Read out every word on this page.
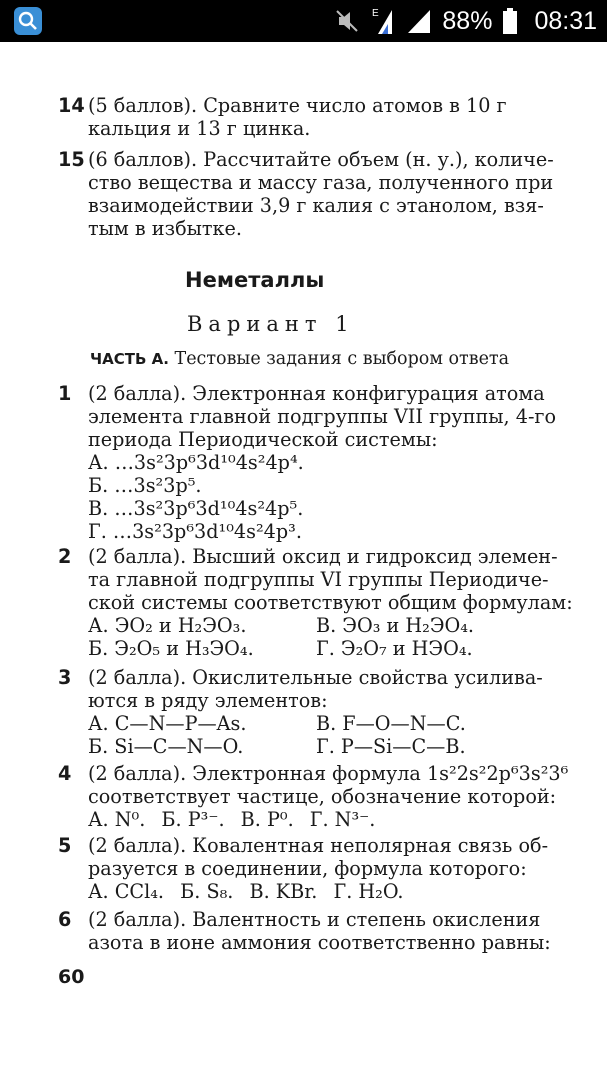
E	88% 08:31
14 (5 баллов). Сравните число атомов в 10 г
кальция и 13 г цинка.
15 (6 баллов). Рассчитайте объем (н. у.), количе-
ство вещества и массу газа, полученного при
взаимодействии 3,9 г калия с этанолом, взя-
тым в избытке.
Неметаллы
Вариант 1
ЧАСТЬ А. Тестовые задания с выбором ответа
1 (2 балла). Электронная конфигурация атома
элемента главной подгруппы VII группы, 4-го
периода Периодической системы:
А. …3s²3p⁶3d¹⁰4s²4p⁴.
Б. …3s²3p⁵.
В. …3s²3p⁶3d¹⁰4s²4p⁵.
Г. …3s²3p⁶3d¹⁰4s²4p³.
2 (2 балла). Высший оксид и гидроксид элемен-
та главной подгруппы VI группы Периодиче-
ской системы соответствуют общим формулам:
А. ЭО₂ и Н₂ЭО₃.	В. ЭО₃ и Н₂ЭО₄.
Б. Э₂О₅ и Н₃ЭО₄.	Г. Э₂О₇ и НЭО₄.
3 (2 балла). Окислительные свойства усилива-
ются в ряду элементов:
А. С—N—P—As.	В. F—O—N—C.
Б. Si—C—N—O.	Г. P—Si—C—B.
4 (2 балла). Электронная формула 1s²2s²2p⁶3s²3⁶
соответствует частице, обозначение которой:
А. N⁰. Б. P³⁻. В. P⁰. Г. N³⁻.
5 (2 балла). Ковалентная неполярная связь об-
разуется в соединении, формула которого:
А. CCl₄. Б. S₈. В. KBr. Г. H₂O.
6 (2 балла). Валентность и степень окисления
азота в ионе аммония соответственно равны:
60
